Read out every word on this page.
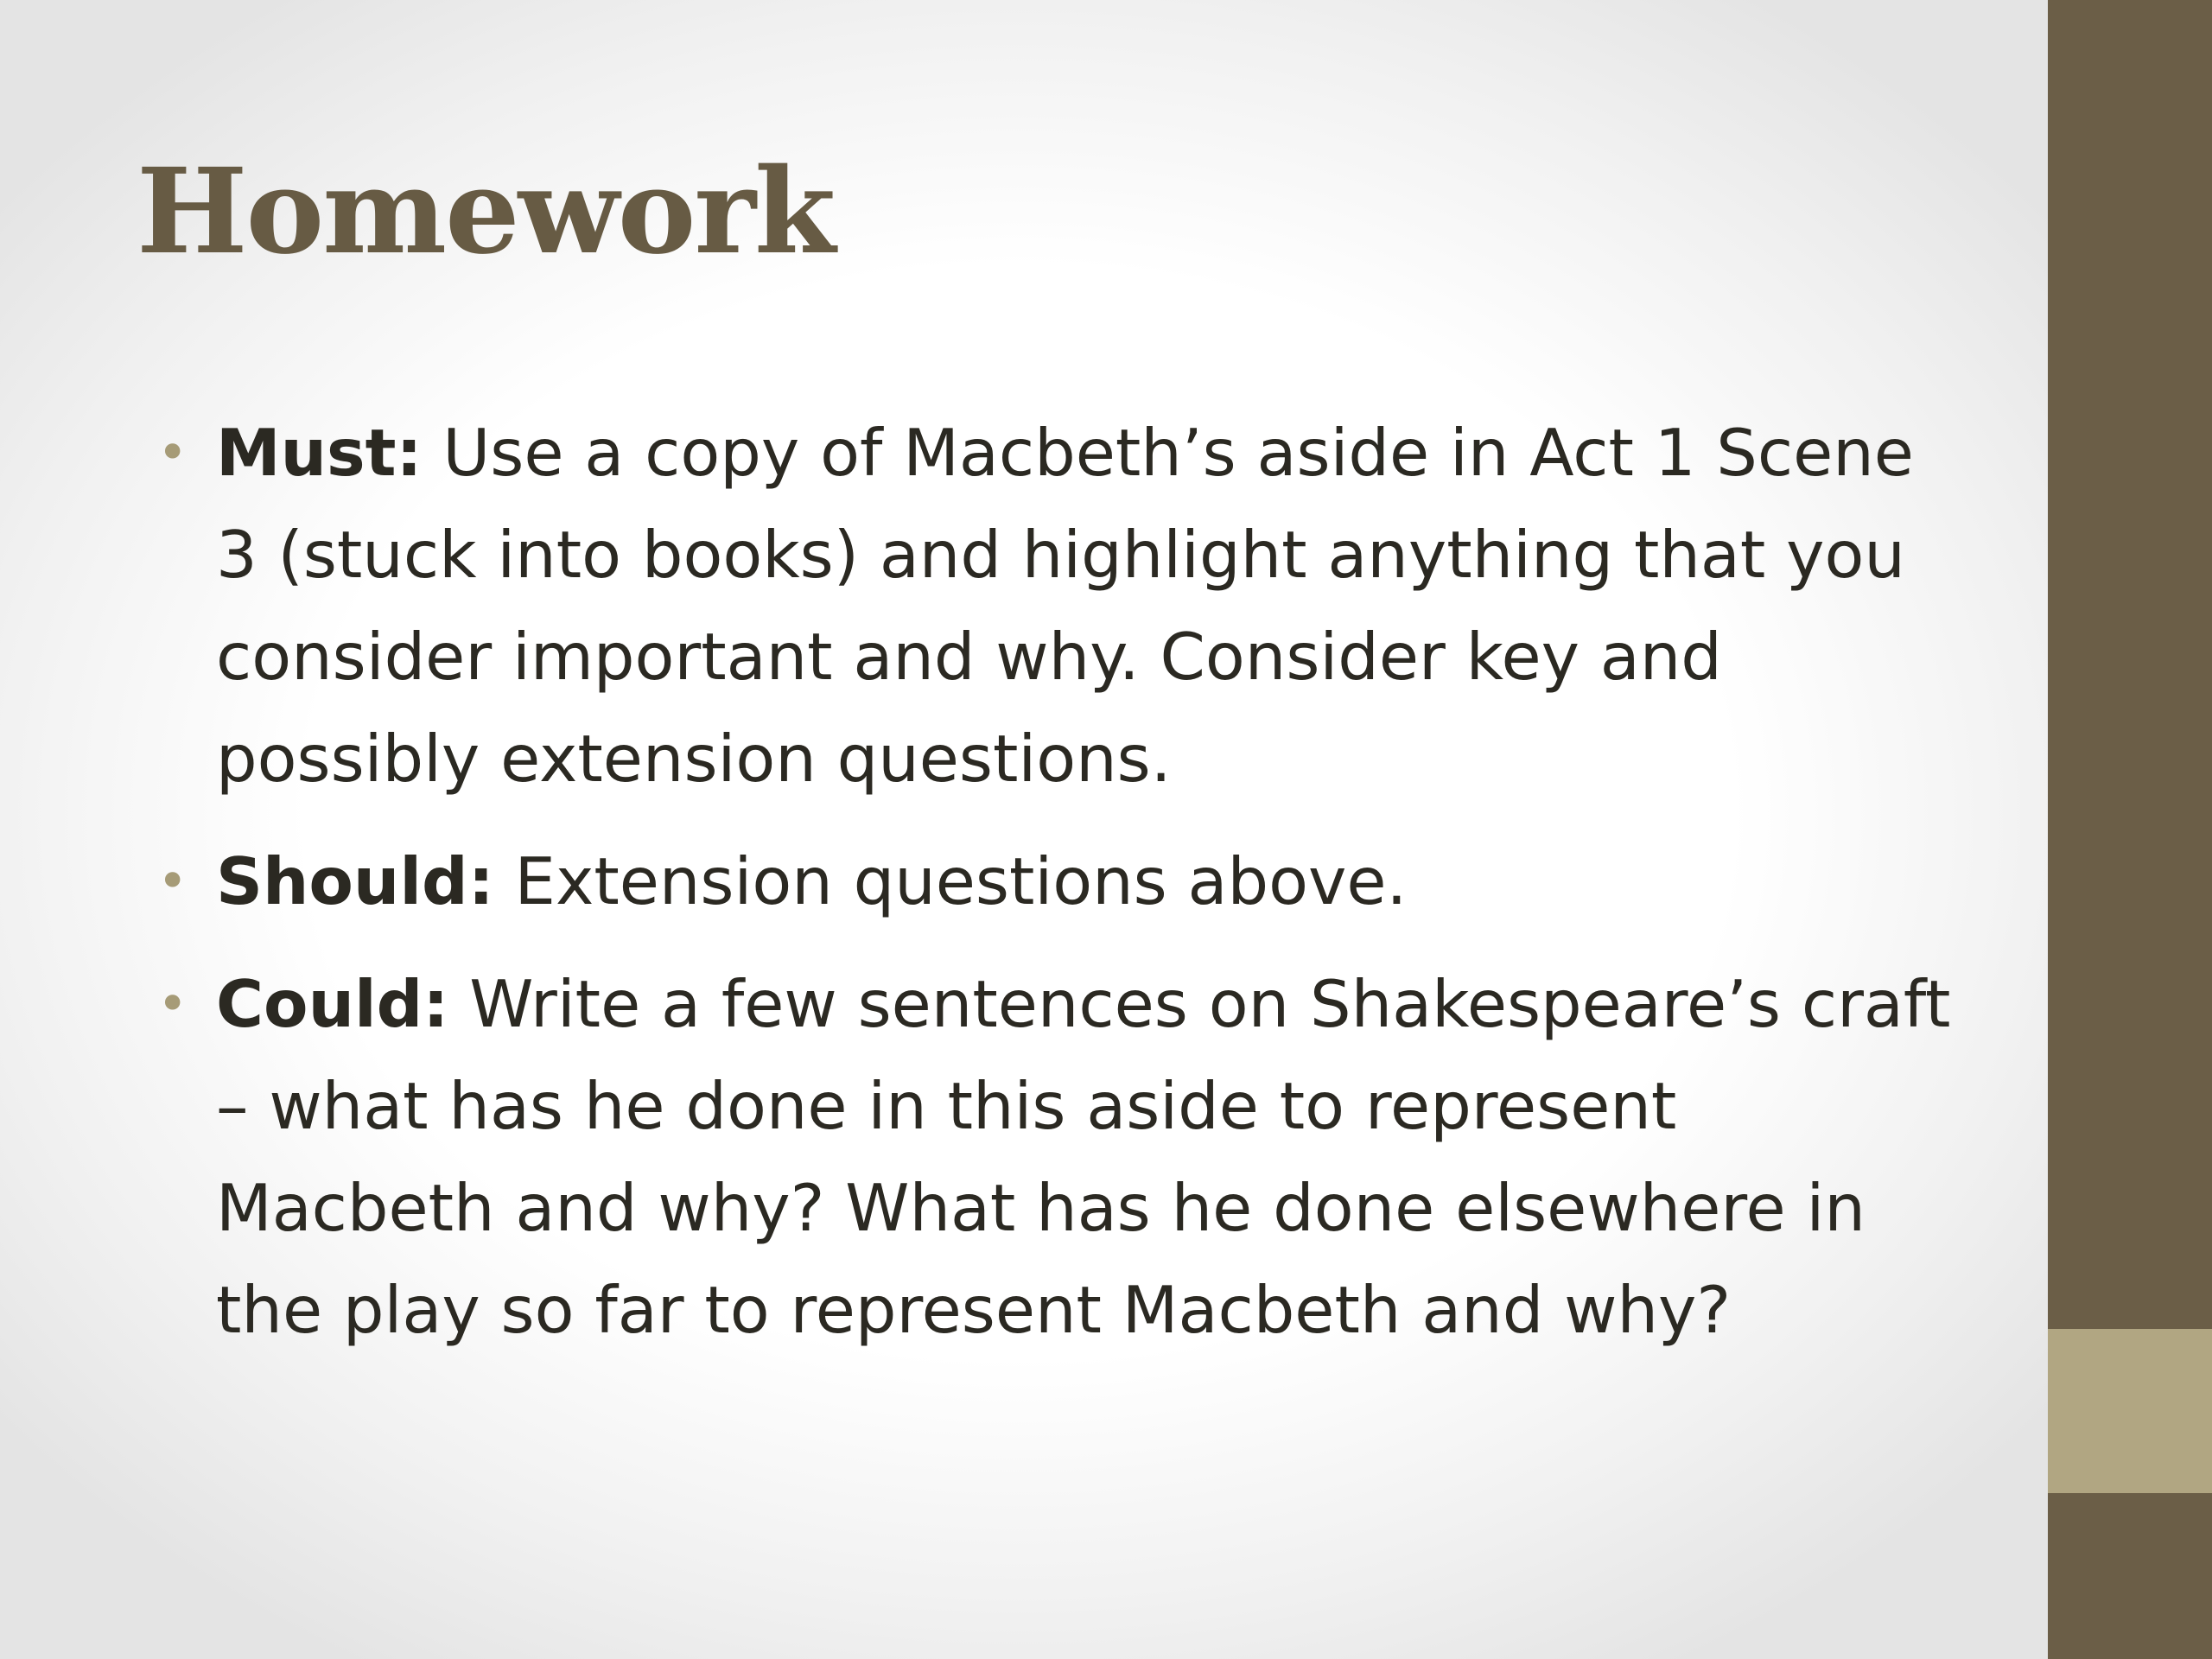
Homework
• Must: Use a copy of Macbeth’s aside in Act 1 Scene 3 (stuck into books) and highlight anything that you consider important and why. Consider key and possibly extension questions.
• Should: Extension questions above.
• Could: Write a few sentences on Shakespeare’s craft – what has he done in this aside to represent Macbeth and why? What has he done elsewhere in the play so far to represent Macbeth and why?
